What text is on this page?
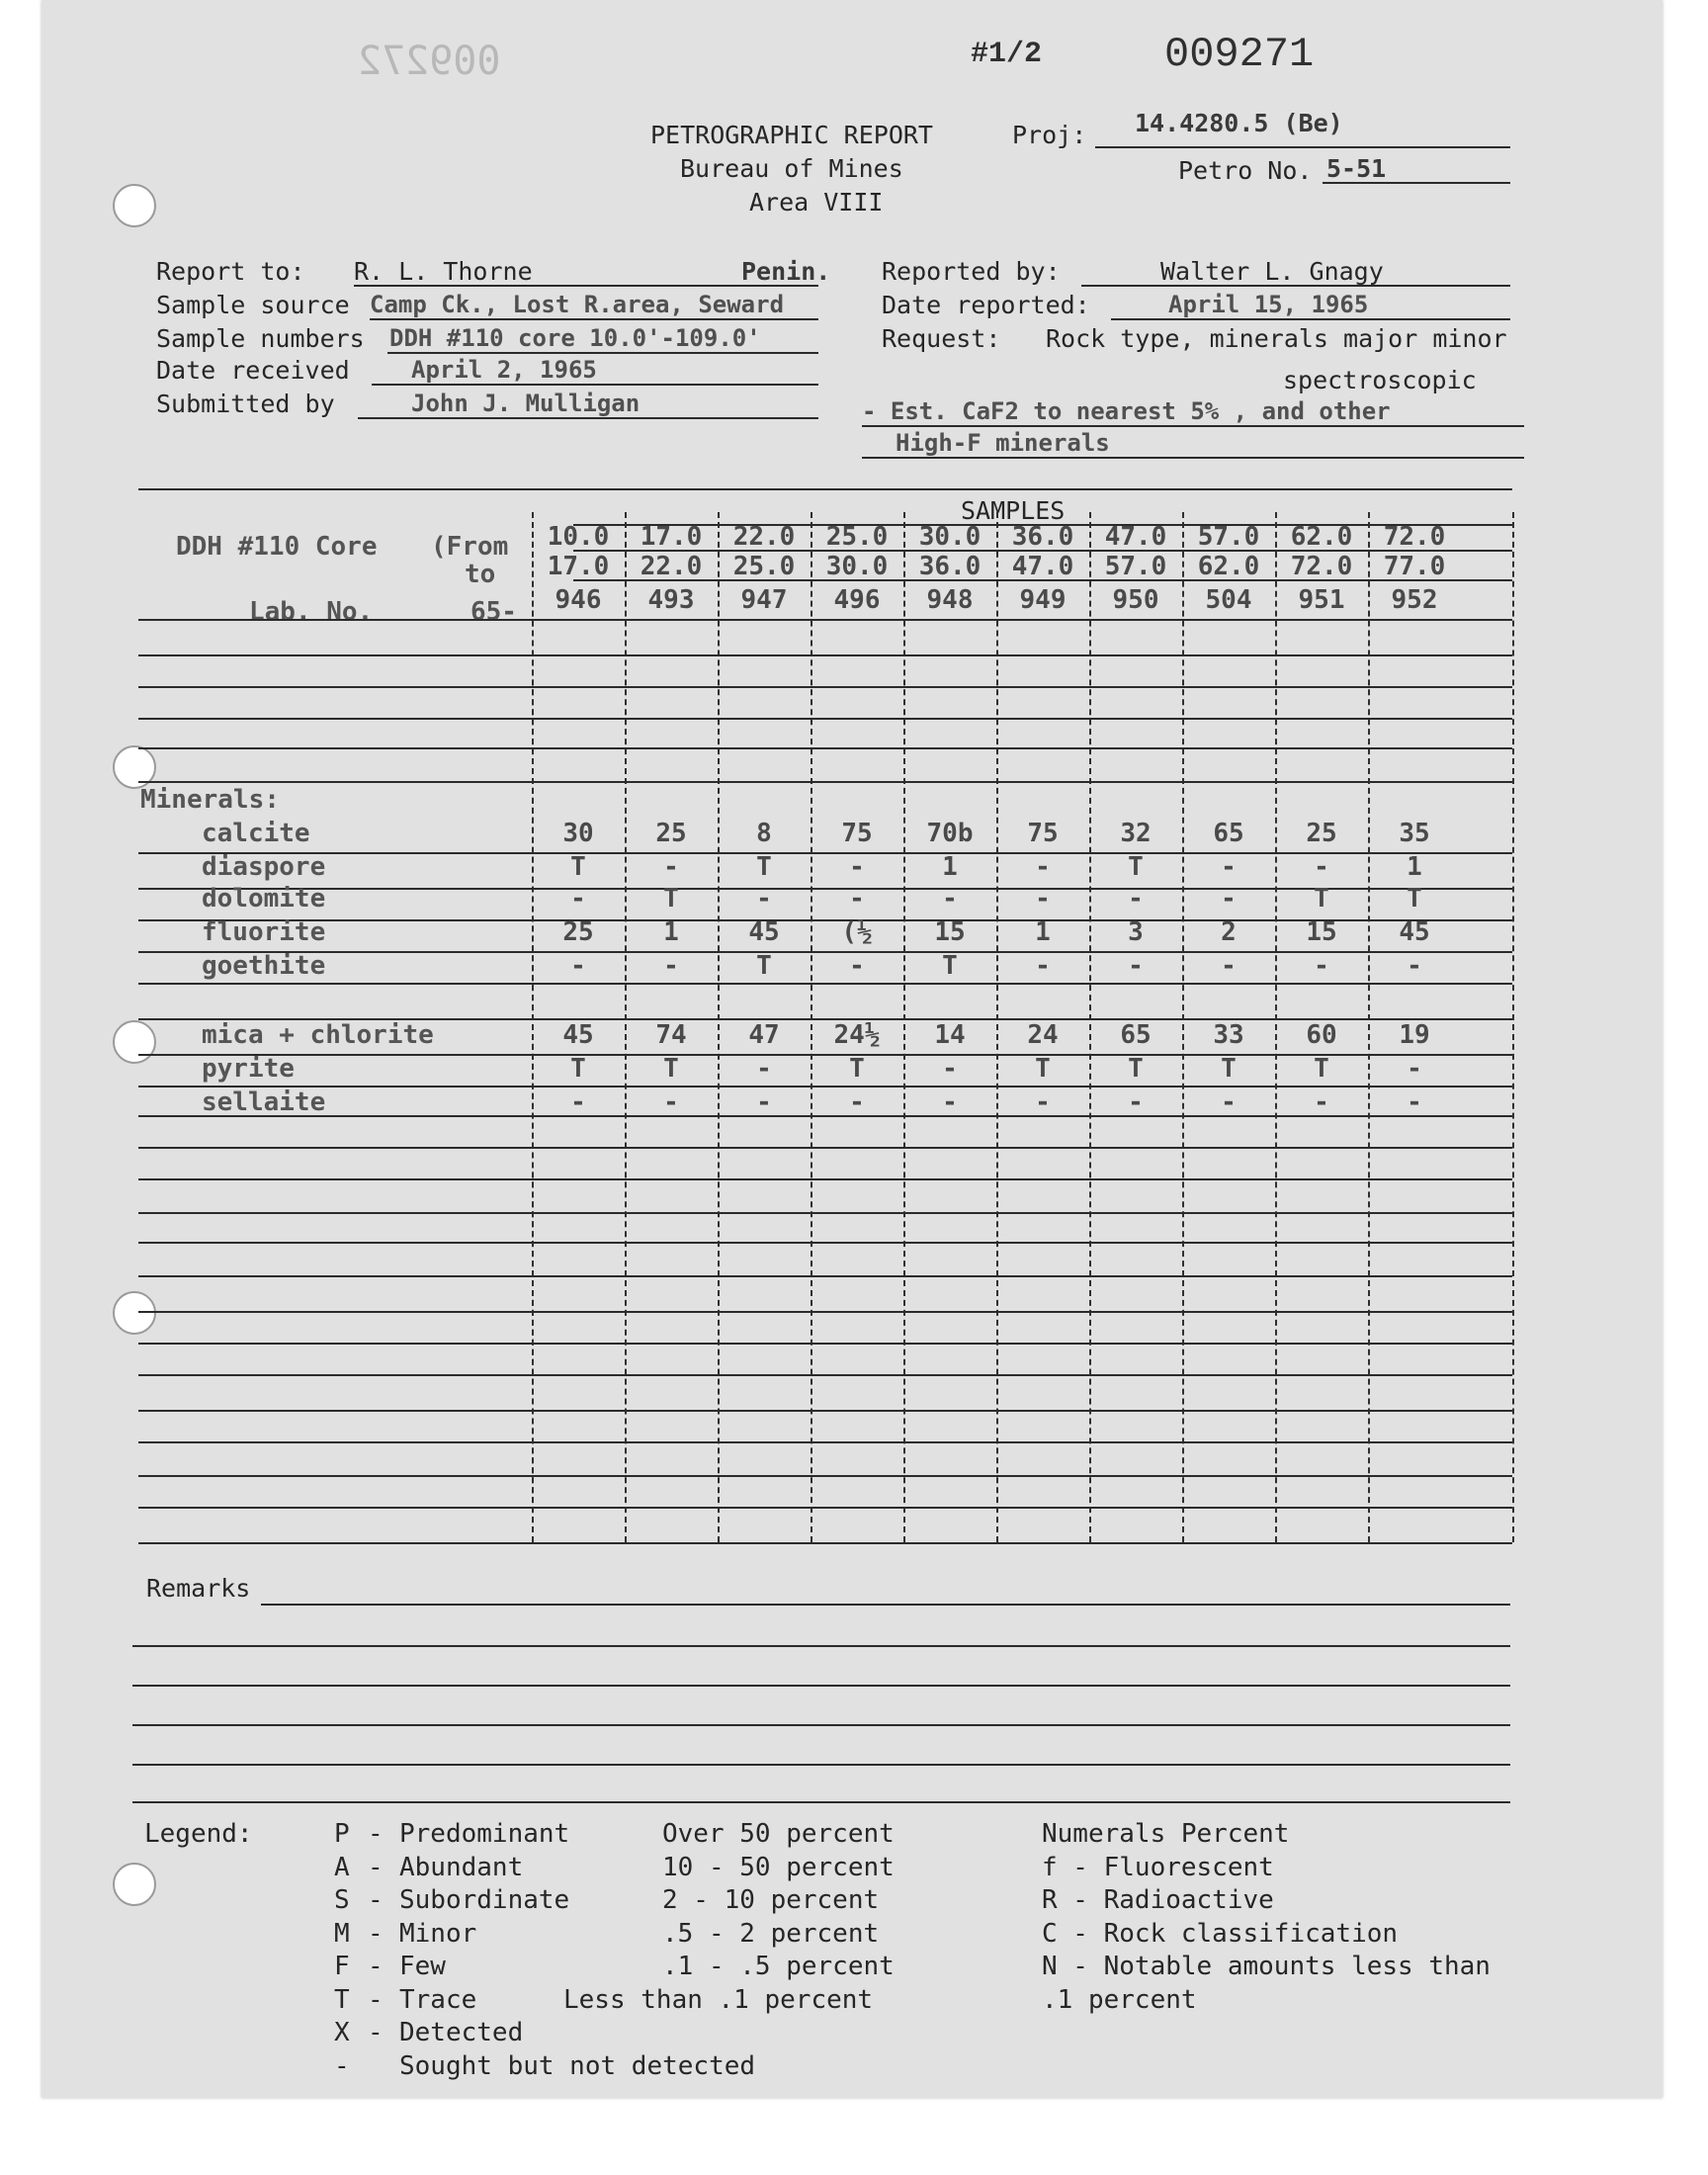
009272	#1/2	009271
PETROGRAPHIC REPORT
Bureau of Mines
Area VIII
Proj: 14.4280.5 (Be)
Petro No. 5-51
Report to: R. L. Thorne	Penin.
Sample source Camp Ck., Lost R.area, Seward
Sample numbers DDH #110 core 10.0'-109.0'
Date received	April 2, 1965
Submitted by	John J. Mulligan
Reported by:	Walter L. Gnagy
Date reported:	April 15, 1965
Request: Rock type, minerals major minor
spectroscopic
- Est. CaF2 to nearest 5% , and other
High-F minerals
SAMPLES
DDH #110 Core (From
to
Lab. No.	65-
Minerals:
Remarks
Legend:
10.0	17.0	22.0	25.0	30.0	36.0	47.0	57.0	62.0	72.0
17.0	22.0	25.0	30.0	36.0	47.0	57.0	62.0	72.0	77.0
946	493	947	496	948	949	950	504	951	952
calcite	30	25	8	75	70b	75	32	65	25	35
diaspore	T	-	T	-	1	-	T	-	-	1
dolomite	-	T	-	-	-	-	-	-	T	T
fluorite	25	1	45	(½	15	1	3	2	15	45
goethite	-	-	T	-	T	-	-	-	-	-
mica + chlorite	45	74	47	24½	14	24	65	33	60	19
pyrite	T	T	-	T	-	T	T	T	T	-
sellaite	-	-	-	-	-	-	-	-	-	-
P - Predominant	Over 50 percent
A - Abundant	10 - 50 percent
S - Subordinate	2 - 10 percent
M - Minor	.5 - 2 percent
F - Few	.1 - .5 percent
T - Trace	Less than .1 percent
X - Detected
- Sought but not detected
Numerals Percent
f - Fluorescent
R - Radioactive
C - Rock classification
N - Notable amounts less than
.1 percent
